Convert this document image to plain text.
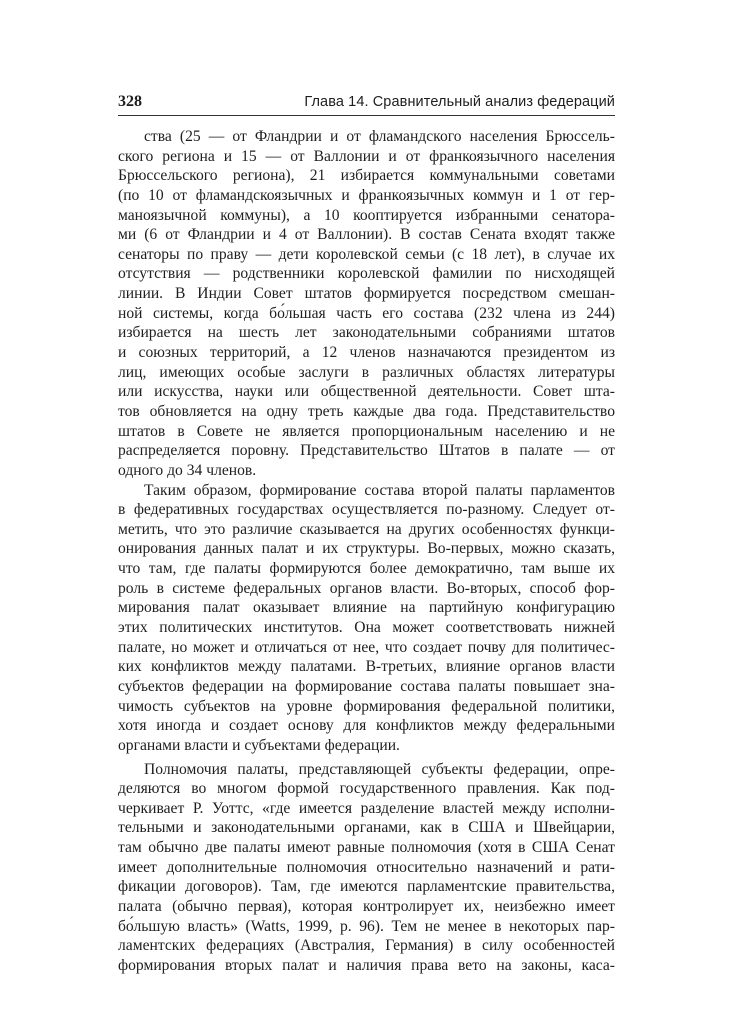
328	Глава 14. Сравнительный анализ федераций
ства (25 — от Фландрии и от фламандского населения Брюссель-
ского региона и 15 — от Валлонии и от франкоязычного населения
Брюссельского региона), 21 избирается коммунальными советами
(по 10 от фламандскоязычных и франкоязычных коммун и 1 от гер-
маноязычной коммуны), а 10 кооптируется избранными сенатора-
ми (6 от Фландрии и 4 от Валлонии). В состав Сената входят также
сенаторы по праву — дети королевской семьи (с 18 лет), в случае их
отсутствия — родственники королевской фамилии по нисходящей
линии. В Индии Совет штатов формируется посредством смешан-
ной системы, когда бо́льшая часть его состава (232 члена из 244)
избирается на шесть лет законодательными собраниями штатов
и союзных территорий, а 12 членов назначаются президентом из
лиц, имеющих особые заслуги в различных областях литературы
или искусства, науки или общественной деятельности. Совет шта-
тов обновляется на одну треть каждые два года. Представительство
штатов в Совете не является пропорциональным населению и не
распределяется поровну. Представительство Штатов в палате — от
одного до 34 членов.
Таким образом, формирование состава второй палаты парламентов
в федеративных государствах осуществляется по-разному. Следует от-
метить, что это различие сказывается на других особенностях функци-
онирования данных палат и их структуры. Во-первых, можно сказать,
что там, где палаты формируются более демократично, там выше их
роль в системе федеральных органов власти. Во-вторых, способ фор-
мирования палат оказывает влияние на партийную конфигурацию
этих политических институтов. Она может соответствовать нижней
палате, но может и отличаться от нее, что создает почву для политичес-
ких конфликтов между палатами. В-третьих, влияние органов власти
субъектов федерации на формирование состава палаты повышает зна-
чимость субъектов на уровне формирования федеральной политики,
хотя иногда и создает основу для конфликтов между федеральными
органами власти и субъектами федерации.
Полномочия палаты, представляющей субъекты федерации, опре-
деляются во многом формой государственного правления. Как под-
черкивает Р. Уоттс, «где имеется разделение властей между исполни-
тельными и законодательными органами, как в США и Швейцарии,
там обычно две палаты имеют равные полномочия (хотя в США Сенат
имеет дополнительные полномочия относительно назначений и рати-
фикации договоров). Там, где имеются парламентские правительства,
палата (обычно первая), которая контролирует их, неизбежно имеет
бо́льшую власть» (Watts, 1999, р. 96). Тем не менее в некоторых пар-
ламентских федерациях (Австралия, Германия) в силу особенностей
формирования вторых палат и наличия права вето на законы, каса-
